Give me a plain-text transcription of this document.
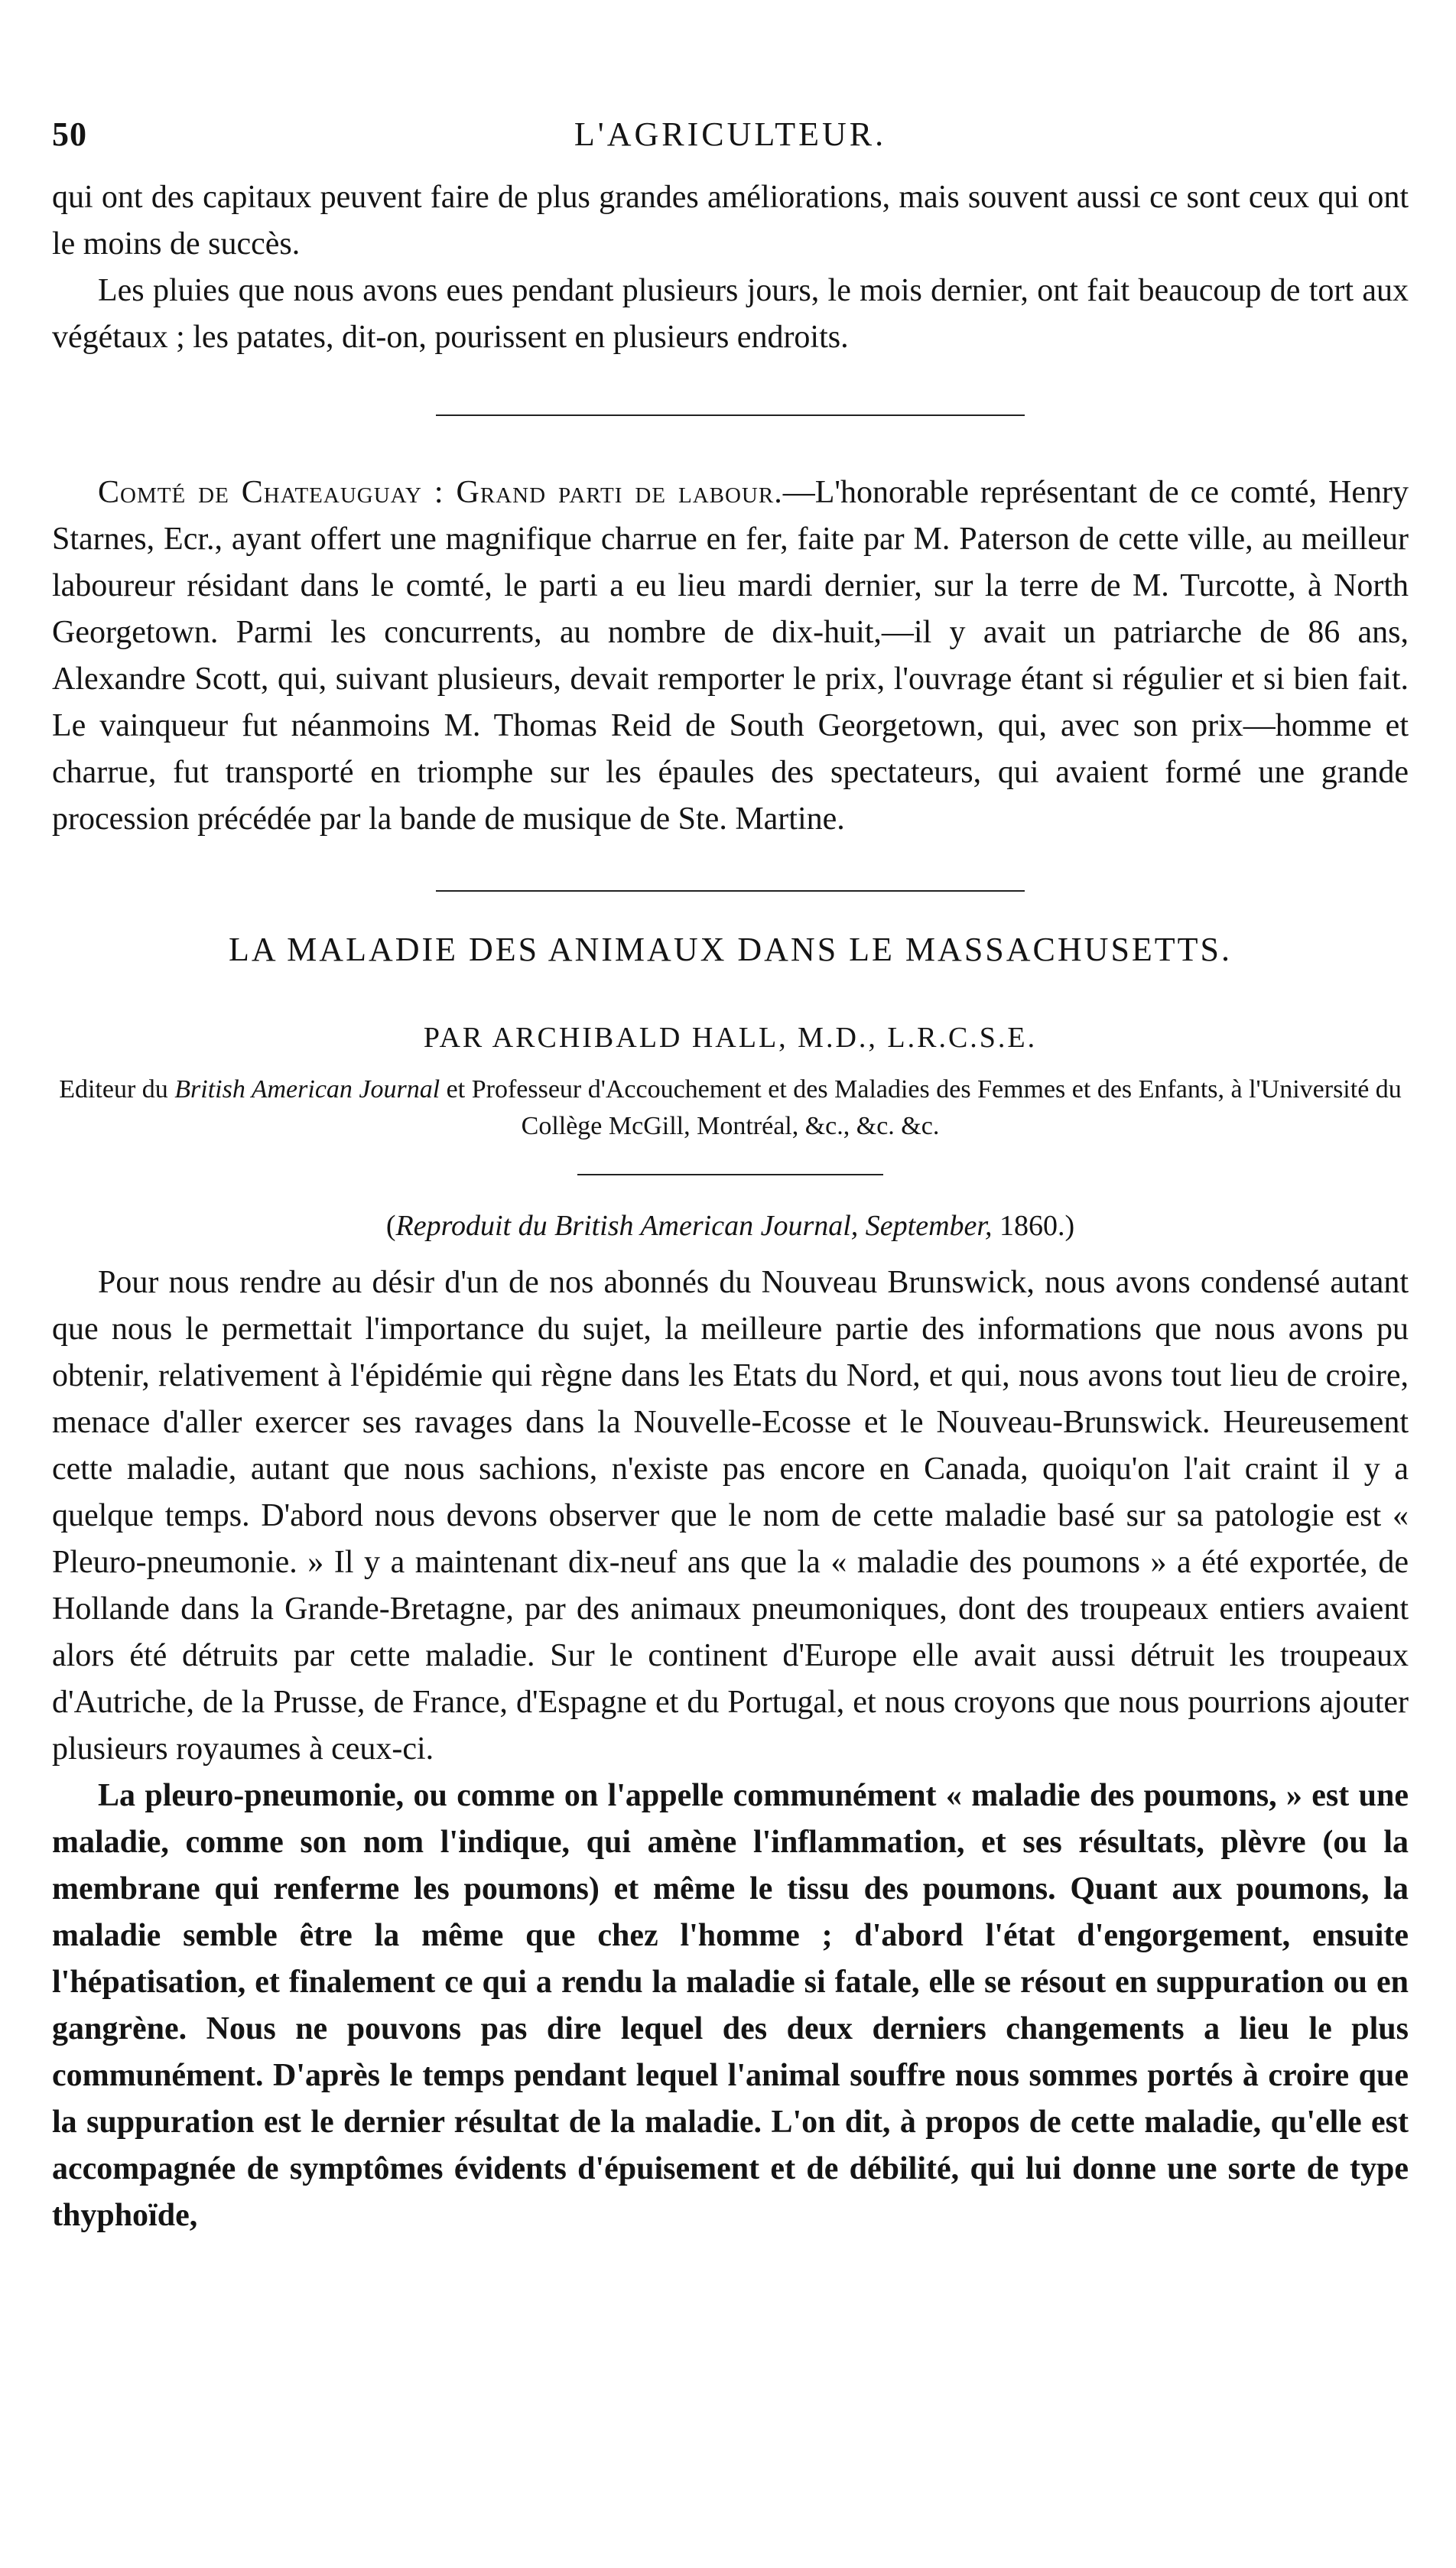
50	L'AGRICULTEUR.

qui ont des capitaux peuvent faire de plus grandes améliorations, mais souvent aussi ce sont ceux qui ont le moins de succès.

Les pluies que nous avons eues pendant plusieurs jours, le mois dernier, ont fait beaucoup de tort aux végétaux ; les patates, dit-on, pourissent en plusieurs endroits.

Comté de Chateauguay : Grand parti de labour.—L'honorable représentant de ce comté, Henry Starnes, Ecr., ayant offert une magnifique charrue en fer, faite par M. Paterson de cette ville, au meilleur laboureur résidant dans le comté, le parti a eu lieu mardi dernier, sur la terre de M. Turcotte, à North Georgetown. Parmi les concurrents, au nombre de dix-huit,—il y avait un patriarche de 86 ans, Alexandre Scott, qui, suivant plusieurs, devait remporter le prix, l'ouvrage étant si régulier et si bien fait. Le vainqueur fut néanmoins M. Thomas Reid de South Georgetown, qui, avec son prix—homme et charrue, fut transporté en triomphe sur les épaules des spectateurs, qui avaient formé une grande procession précédée par la bande de musique de Ste. Martine.

LA MALADIE DES ANIMAUX DANS LE MASSACHUSETTS.
PAR ARCHIBALD HALL, M.D., L.R.C.S.E.

Editeur du British American Journal et Professeur d'Accouchement et des Maladies des Femmes et des Enfants, à l'Université du Collège McGill, Montréal, &c., &c. &c.

(Reproduit du British American Journal, September, 1860.)

Pour nous rendre au désir d'un de nos abonnés du Nouveau Brunswick, nous avons condensé autant que nous le permettait l'importance du sujet, la meilleure partie des informations que nous avons pu obtenir, relativement à l'épidémie qui règne dans les Etats du Nord, et qui, nous avons tout lieu de croire, menace d'aller exercer ses ravages dans la Nouvelle-Ecosse et le Nouveau-Brunswick. Heureusement cette maladie, autant que nous sachions, n'existe pas encore en Canada, quoiqu'on l'ait craint il y a quelque temps. D'abord nous devons observer que le nom de cette maladie basé sur sa patologie est « Pleuro-pneumonie. » Il y a maintenant dix-neuf ans que la « maladie des poumons » a été exportée, de Hollande dans la Grande-Bretagne, par des animaux pneumoniques, dont des troupeaux entiers avaient alors été détruits par cette maladie. Sur le continent d'Europe elle avait aussi détruit les troupeaux d'Autriche, de la Prusse, de France, d'Espagne et du Portugal, et nous croyons que nous pourrions ajouter plusieurs royaumes à ceux-ci.

La pleuro-pneumonie, ou comme on l'appelle communément « maladie des poumons, » est une maladie, comme son nom l'indique, qui amène l'inflammation, et ses résultats, plèvre (ou la membrane qui renferme les poumons) et même le tissu des poumons. Quant aux poumons, la maladie semble être la même que chez l'homme ; d'abord l'état d'engorgement, ensuite l'hépatisation, et finalement ce qui a rendu la maladie si fatale, elle se résout en suppuration ou en gangrène. Nous ne pouvons pas dire lequel des deux derniers changements a lieu le plus communément. D'après le temps pendant lequel l'animal souffre nous sommes portés à croire que la suppuration est le dernier résultat de la maladie. L'on dit, à propos de cette maladie, qu'elle est accompagnée de symptômes évidents d'épuisement et de débilité, qui lui donne une sorte de type thyphoïde,
